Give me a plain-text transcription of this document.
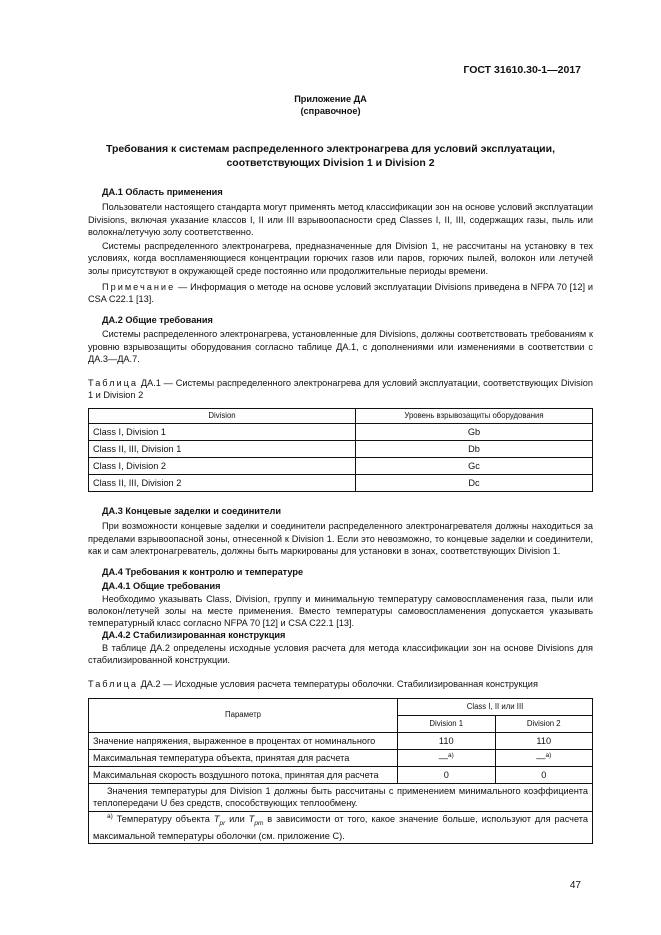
ГОСТ 31610.30-1—2017
Приложение ДА
(справочное)
Требования к системам распределенного электронагрева для условий эксплуатации,
соответствующих Division 1 и Division 2

ДА.1 Область применения

Пользователи настоящего стандарта могут применять метод классификации зон на основе условий эксплуатации Divisions, включая указание классов I, II или III взрывоопасности сред Classes I, II, III, содержащих газы, пыль или волокна/летучую золу соответственно.

Системы распределенного электронагрева, предназначенные для Division 1, не рассчитаны на установку в тех условиях, когда воспламеняющиеся концентрации горючих газов или паров, горючих пылей, волокон или летучей золы присутствуют в окружающей среде постоянно или продолжительные периоды времени.

Примечание — Информация о методе на основе условий эксплуатации Divisions приведена в NFPA 70 [12] и CSA C22.1 [13].

ДА.2 Общие требования

Системы распределенного электронагрева, установленные для Divisions, должны соответствовать требованиям к уровню взрывозащиты оборудования согласно таблице ДА.1, с дополнениями или изменениями в соответствии с ДА.3—ДА.7.

Таблица ДА.1 — Системы распределенного электронагрева для условий эксплуатации, соответствующих Division 1 и Division 2

Division	Уровень взрывозащиты оборудования
Class I, Division 1	Gb
Class II, III, Division 1	Db
Class I, Division 2	Gc
Class II, III, Division 2	Dc

ДА.3 Концевые заделки и соединители

При возможности концевые заделки и соединители распределенного электронагревателя должны находиться за пределами взрывоопасной зоны, отнесенной к Division 1. Если это невозможно, то концевые заделки и соединители, как и сам электронагреватель, должны быть маркированы для установки в зонах, соответствующих Division 1.

ДА.4 Требования к контролю и температуре

ДА.4.1 Общие требования

Необходимо указывать Class, Division, группу и минимальную температуру самовоспламенения газа, пыли или волокон/летучей золы на месте применения. Вместо температуры самовоспламенения допускается указывать температурный класс согласно NFPA 70 [12] и CSA C22.1 [13].

ДА.4.2 Стабилизированная конструкция

В таблице ДА.2 определены исходные условия расчета для метода классификации зон на основе Divisions для стабилизированной конструкции.

Таблица ДА.2 — Исходные условия расчета температуры оболочки. Стабилизированная конструкция

Параметр	Class I, II или III	
	Division 1	Division 2
Значение напряжения, выраженное в процентах от номинального	110	110
Максимальная температура объекта, принятая для расчета	—$^{а)}$	—$^{а)}$
Максимальная скорость воздушного потока, принятая для расчета	0	0

Значения температуры для Division 1 должны быть рассчитаны с применением минимального коэффициента теплопередачи U без средств, способствующих теплообмену.		

$^{а)}$ Температуру объекта $T_{pr}$ или $T_{pm}$ в зависимости от того, какое значение больше, используют для расчета максимальной температуры оболочки (см. приложение С).		

47
